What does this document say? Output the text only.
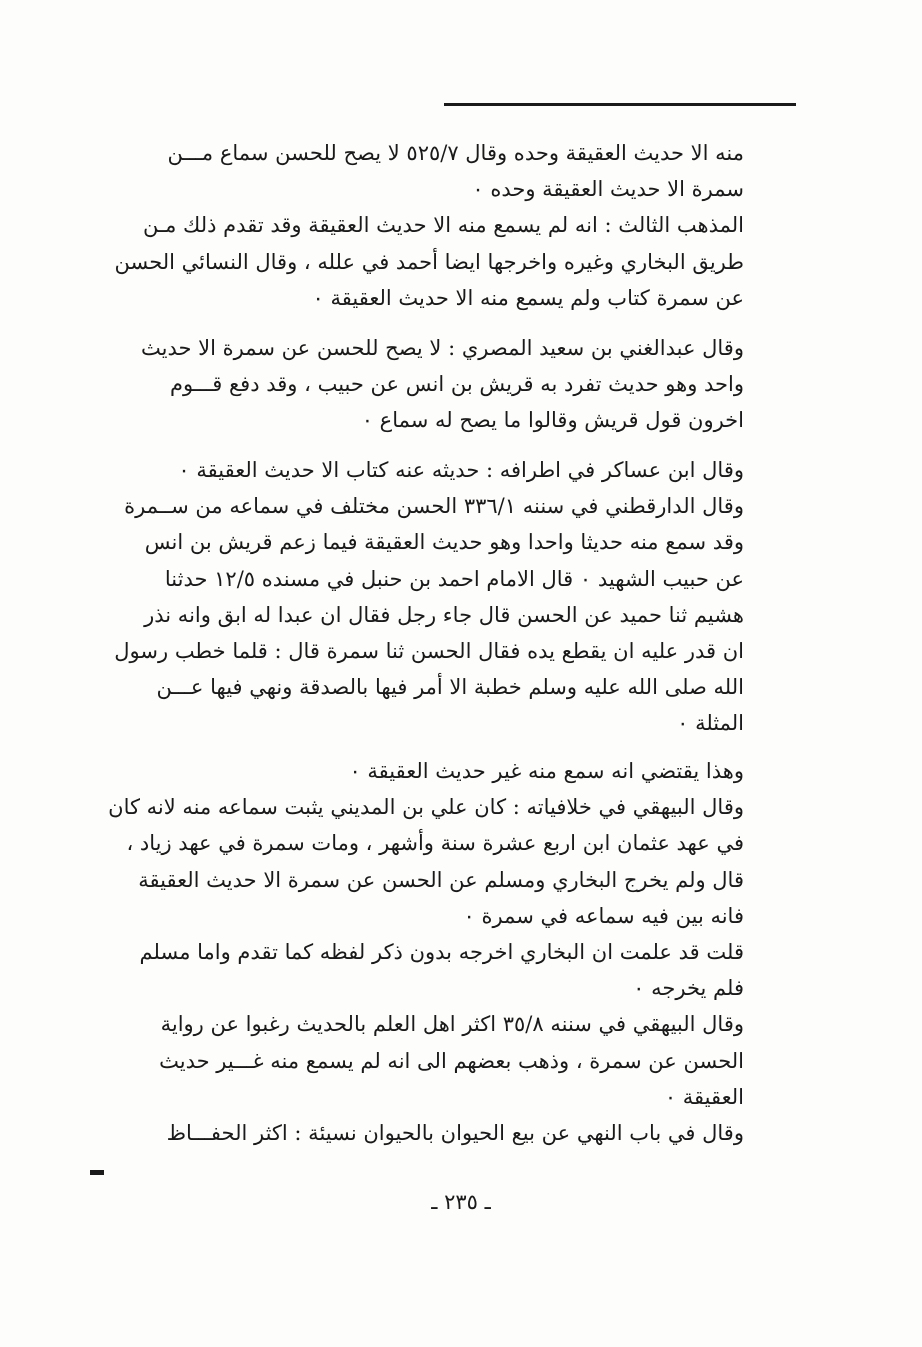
منه الا حديث العقيقة وحده وقال ٥٢٥/٧ لا يصح للحسن سماع مـــن
سمرة الا حديث العقيقة وحده ٠
المذهب الثالث : انه لم يسمع منه الا حديث العقيقة وقد تقدم ذلك مـن
طريق البخاري وغيره واخرجها ايضا أحمد في علله ، وقال النسائي الحسن
عن سمرة كتاب ولم يسمع منه الا حديث العقيقة ٠
وقال عبدالغني بن سعيد المصري : لا يصح للحسن عن سمرة الا حديث
واحد وهو حديث تفرد به قريش بن انس عن حبيب ، وقد دفع قـــوم
اخرون قول قريش وقالوا ما يصح له سماع ٠
وقال ابن عساكر في اطرافه : حديثه عنه كتاب الا حديث العقيقة ٠
وقال الدارقطني في سننه ٣٣٦/١ الحسن مختلف في سماعه من ســمرة
وقد سمع منه حديثا واحدا وهو حديث العقيقة فيما زعم قريش بن انس
عن حبيب الشهيد ٠ قال الامام احمد بن حنبل في مسنده ١٢/٥ حدثنا
هشيم ثنا حميد عن الحسن قال جاء رجل فقال ان عبدا له ابق وانه نذر
ان قدر عليه ان يقطع يده فقال الحسن ثنا سمرة قال : قلما خطب رسول
الله صلى الله عليه وسلم خطبة الا أمر فيها بالصدقة ونهي فيها عـــن
المثلة ٠
وهذا يقتضي انه سمع منه غير حديث العقيقة ٠
وقال البيهقي في خلافياته : كان علي بن المديني يثبت سماعه منه لانه كان
في عهد عثمان ابن اربع عشرة سنة وأشهر ، ومات سمرة في عهد زياد ،
قال ولم يخرج البخاري ومسلم عن الحسن عن سمرة الا حديث العقيقة
فانه بين فيه سماعه في سمرة ٠
قلت قد علمت ان البخاري اخرجه بدون ذكر لفظه كما تقدم واما مسلم
فلم يخرجه ٠
وقال البيهقي في سننه ٣٥/٨ اكثر اهل العلم بالحديث رغبوا عن رواية
الحسن عن سمرة ، وذهب بعضهم الى انه لم يسمع منه غـــير حديث
العقيقة ٠
وقال في باب النهي عن بيع الحيوان بالحيوان نسيئة : اكثر الحفـــاظ
ـ ٢٣٥ ـ
